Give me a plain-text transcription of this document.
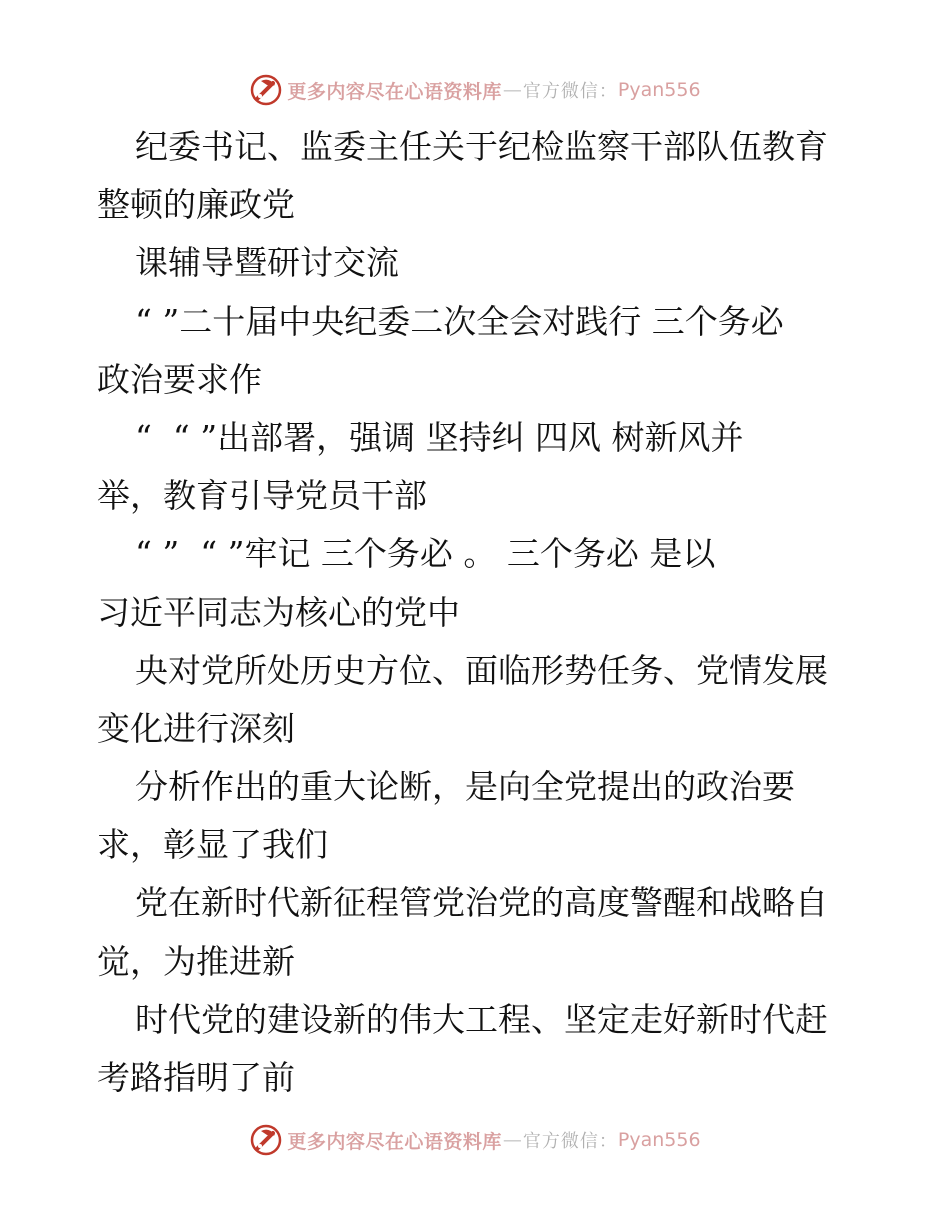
更多内容尽在心语资料库 — 官方微信： Pyan556
纪委书记、监委主任关于纪检监察干部队伍教育
整顿的廉政党
课辅导暨研讨交流
“ ”二十届中央纪委二次全会对践行 三个务必
政治要求作
“  “ ”出部署，强调 坚持纠 四风 树新风并
举，教育引导党员干部
“ ”  “ ”牢记 三个务必 。 三个务必 是以
习近平同志为核心的党中
央对党所处历史方位、面临形势任务、党情发展
变化进行深刻
分析作出的重大论断，是向全党提出的政治要
求，彰显了我们
党在新时代新征程管党治党的高度警醒和战略自
觉，为推进新
时代党的建设新的伟大工程、坚定走好新时代赶
考路指明了前
更多内容尽在心语资料库 — 官方微信： Pyan556
